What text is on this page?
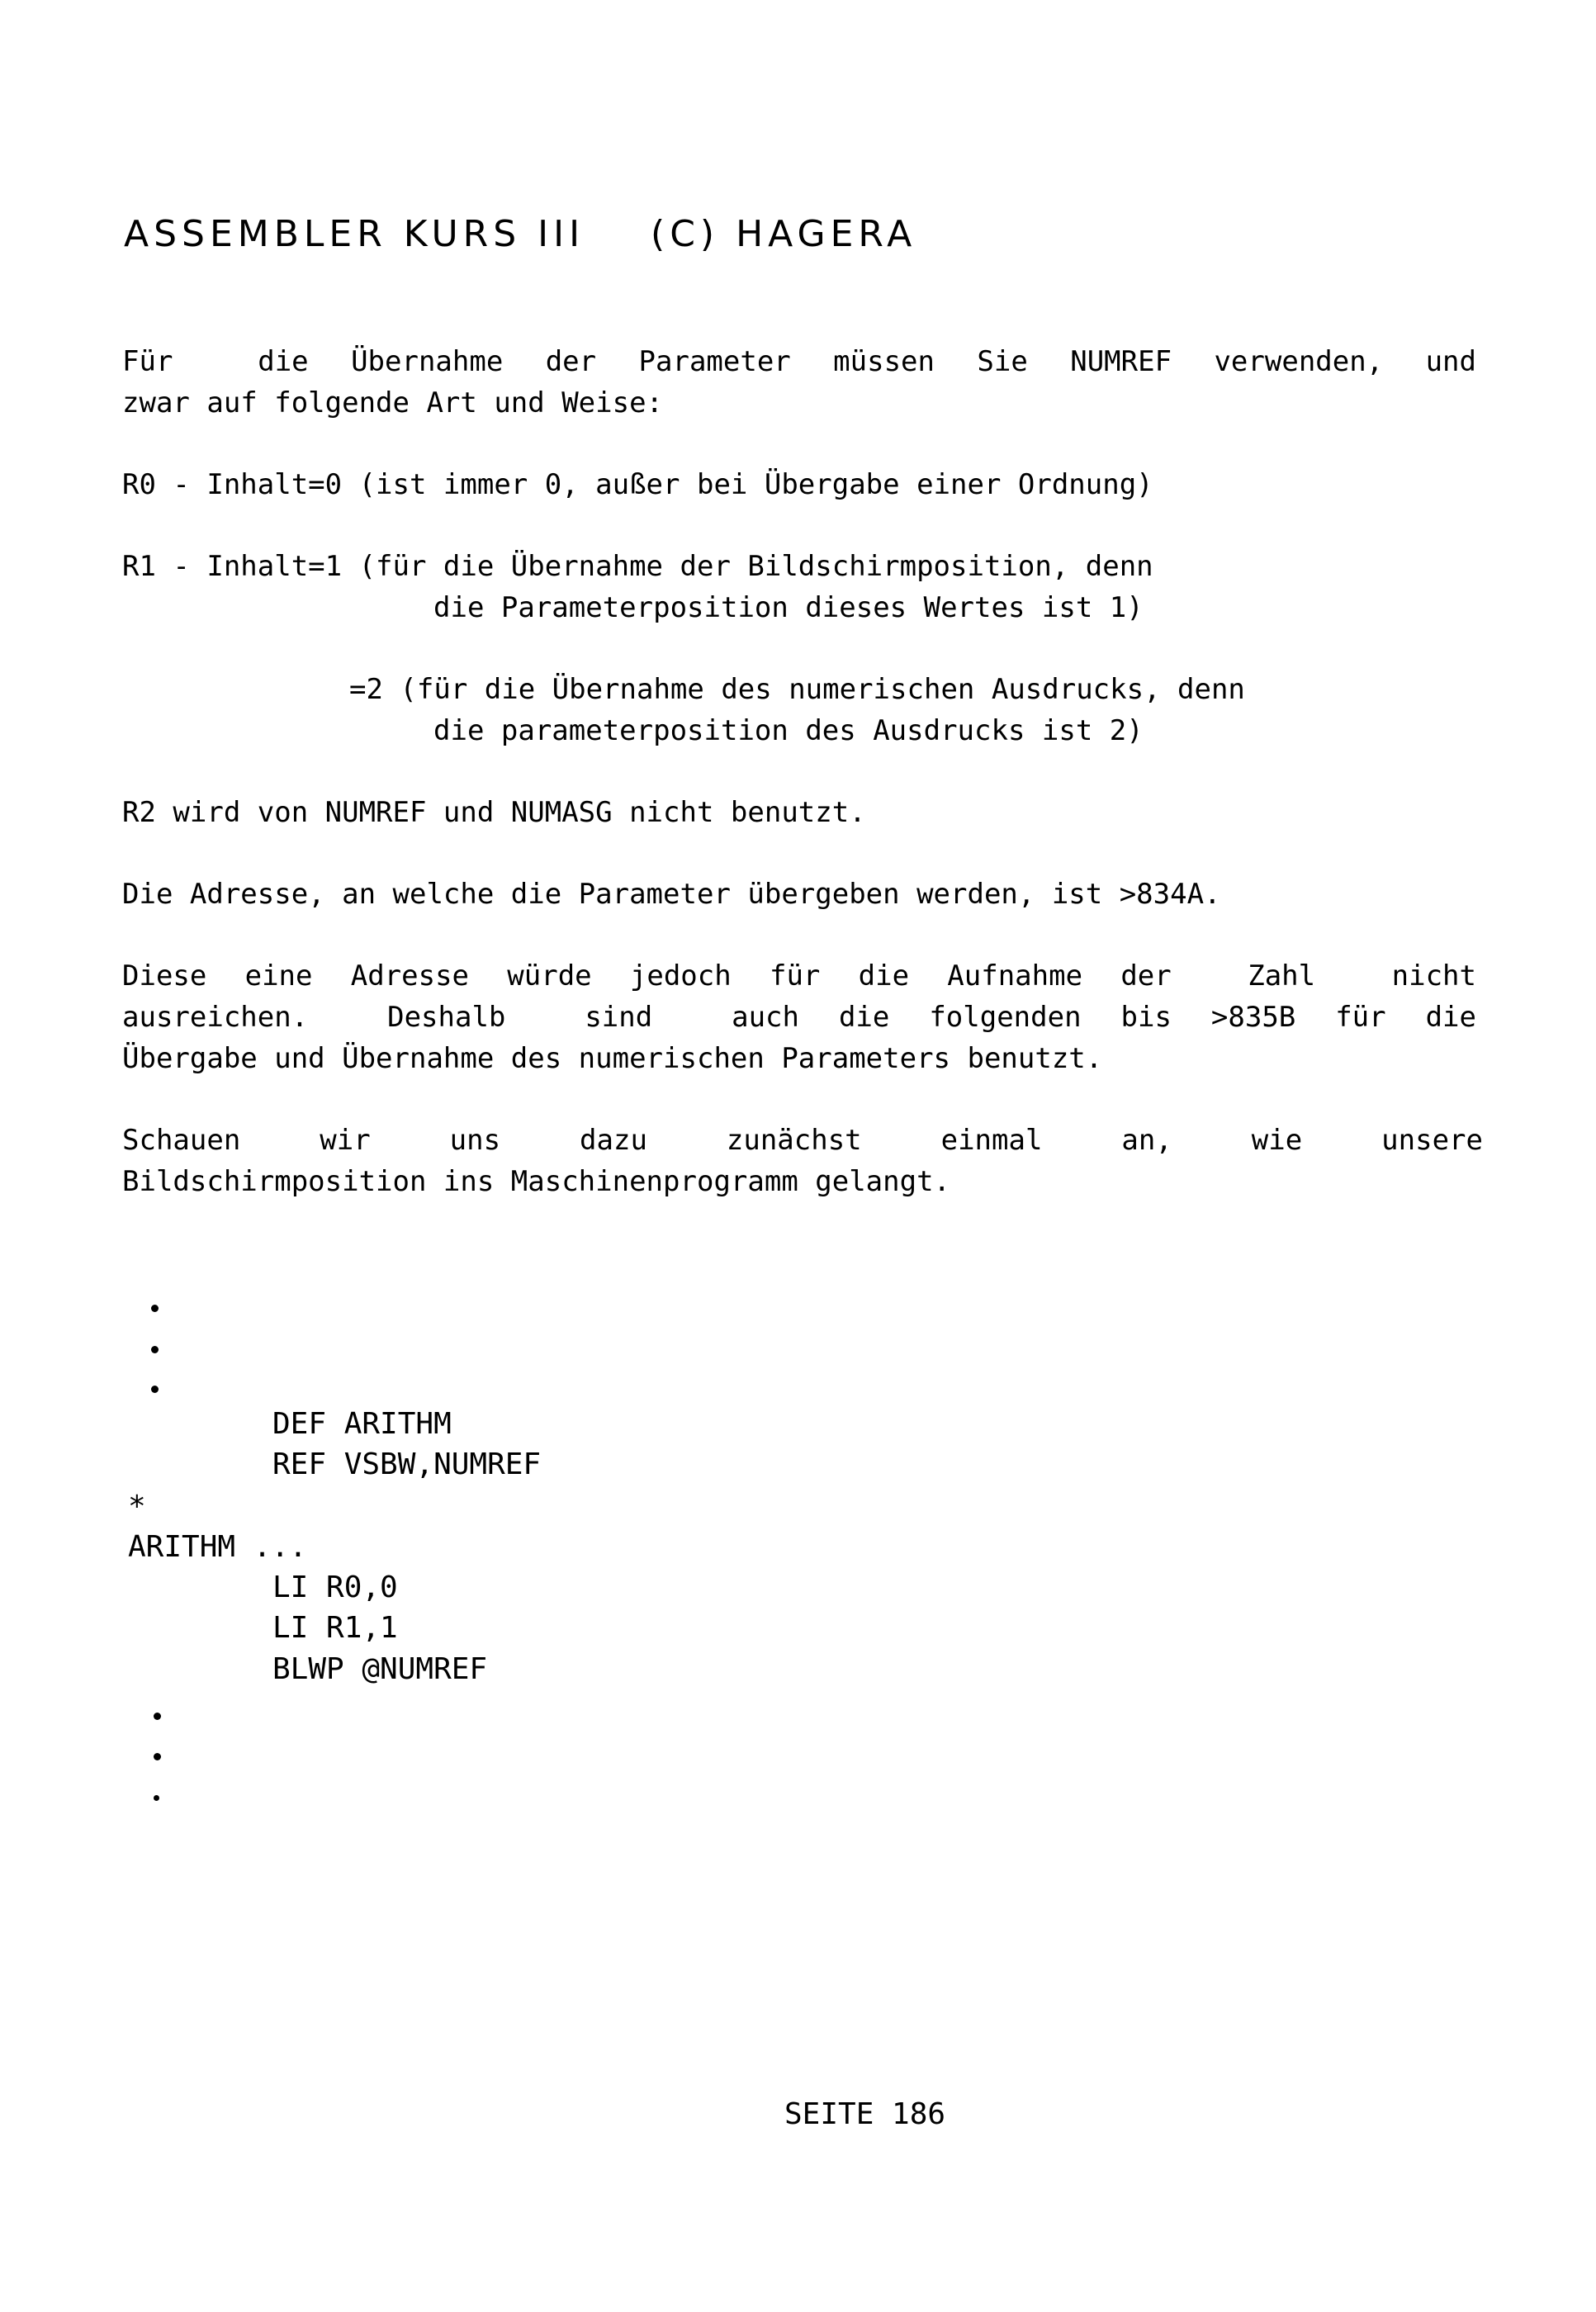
ASSEMBLER KURS III    (C) HAGERA
Für  die Übernahme der Parameter müssen Sie NUMREF verwenden, und
zwar auf folgende Art und Weise:
R0 - Inhalt=0 (ist immer 0, außer bei Übergabe einer Ordnung)
R1 - Inhalt=1 (für die Übernahme der Bildschirmposition, denn
die Parameterposition dieses Wertes ist 1)
=2 (für die Übernahme des numerischen Ausdrucks, denn
die parameterposition des Ausdrucks ist 2)
R2 wird von NUMREF und NUMASG nicht benutzt.
Die Adresse, an welche die Parameter übergeben werden, ist >834A.
Diese eine Adresse würde jedoch für die Aufnahme der  Zahl  nicht
ausreichen.  Deshalb  sind  auch die folgenden bis >835B für die
Übergabe und Übernahme des numerischen Parameters benutzt.
Schauen  wir  uns  dazu  zunächst  einmal  an,  wie  unsere
Bildschirmposition ins Maschinenprogramm gelangt.
DEF ARITHM
REF VSBW,NUMREF
*
ARITHM ...
LI R0,0
LI R1,1
BLWP @NUMREF
SEITE 186
